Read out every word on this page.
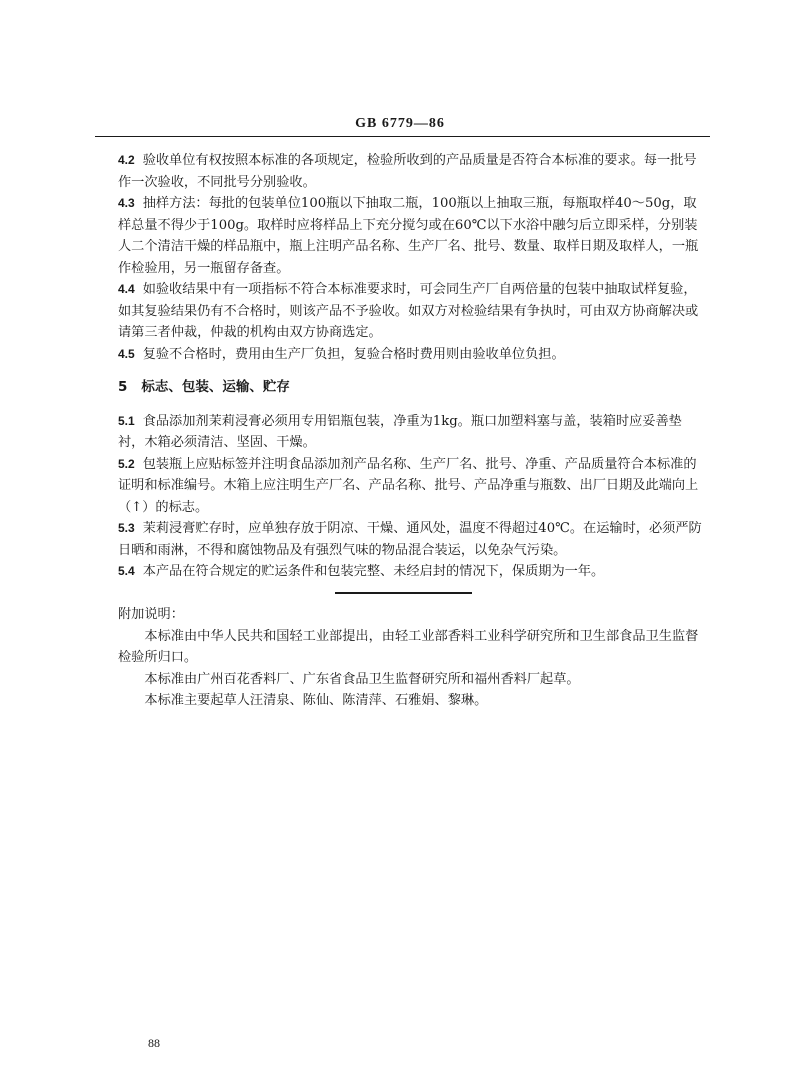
GB 6779—86

4.2 验收单位有权按照本标准的各项规定，检验所收到的产品质量是否符合本标准的要求。每一批号作一次验收，不同批号分别验收。

4.3 抽样方法：每批的包装单位100瓶以下抽取二瓶，100瓶以上抽取三瓶，每瓶取样40～50g，取样总量不得少于100g。取样时应将样品上下充分搅匀或在60℃以下水浴中融匀后立即采样，分别装人二个清洁干燥的样品瓶中，瓶上注明产品名称、生产厂名、批号、数量、取样日期及取样人，一瓶作检验用，另一瓶留存备查。

4.4 如验收结果中有一项指标不符合本标准要求时，可会同生产厂自两倍量的包装中抽取试样复验，如其复验结果仍有不合格时，则该产品不予验收。如双方对检验结果有争执时，可由双方协商解决或请第三者仲裁，仲裁的机构由双方协商选定。

4.5 复验不合格时，费用由生产厂负担，复验合格时费用则由验收单位负担。

5 标志、包装、运输、贮存

5.1 食品添加剂茉莉浸膏必须用专用铝瓶包装，净重为1kg。瓶口加塑料塞与盖，装箱时应妥善垫衬，木箱必须清洁、坚固、干燥。

5.2 包装瓶上应贴标签并注明食品添加剂产品名称、生产厂名、批号、净重、产品质量符合本标准的证明和标准编号。木箱上应注明生产厂名、产品名称、批号、产品净重与瓶数、出厂日期及此端向上（↑）的标志。

5.3 茉莉浸膏贮存时，应单独存放于阴凉、干燥、通风处，温度不得超过40℃。在运输时，必须严防日晒和雨淋，不得和腐蚀物品及有强烈气味的物品混合装运，以免杂气污染。

5.4 本产品在符合规定的贮运条件和包装完整、未经启封的情况下，保质期为一年。

附加说明：

本标准由中华人民共和国轻工业部提出，由轻工业部香料工业科学研究所和卫生部食品卫生监督检验所归口。

本标准由广州百花香料厂、广东省食品卫生监督研究所和福州香料厂起草。

本标准主要起草人汪清泉、陈仙、陈清萍、石雅娟、黎琳。

88
